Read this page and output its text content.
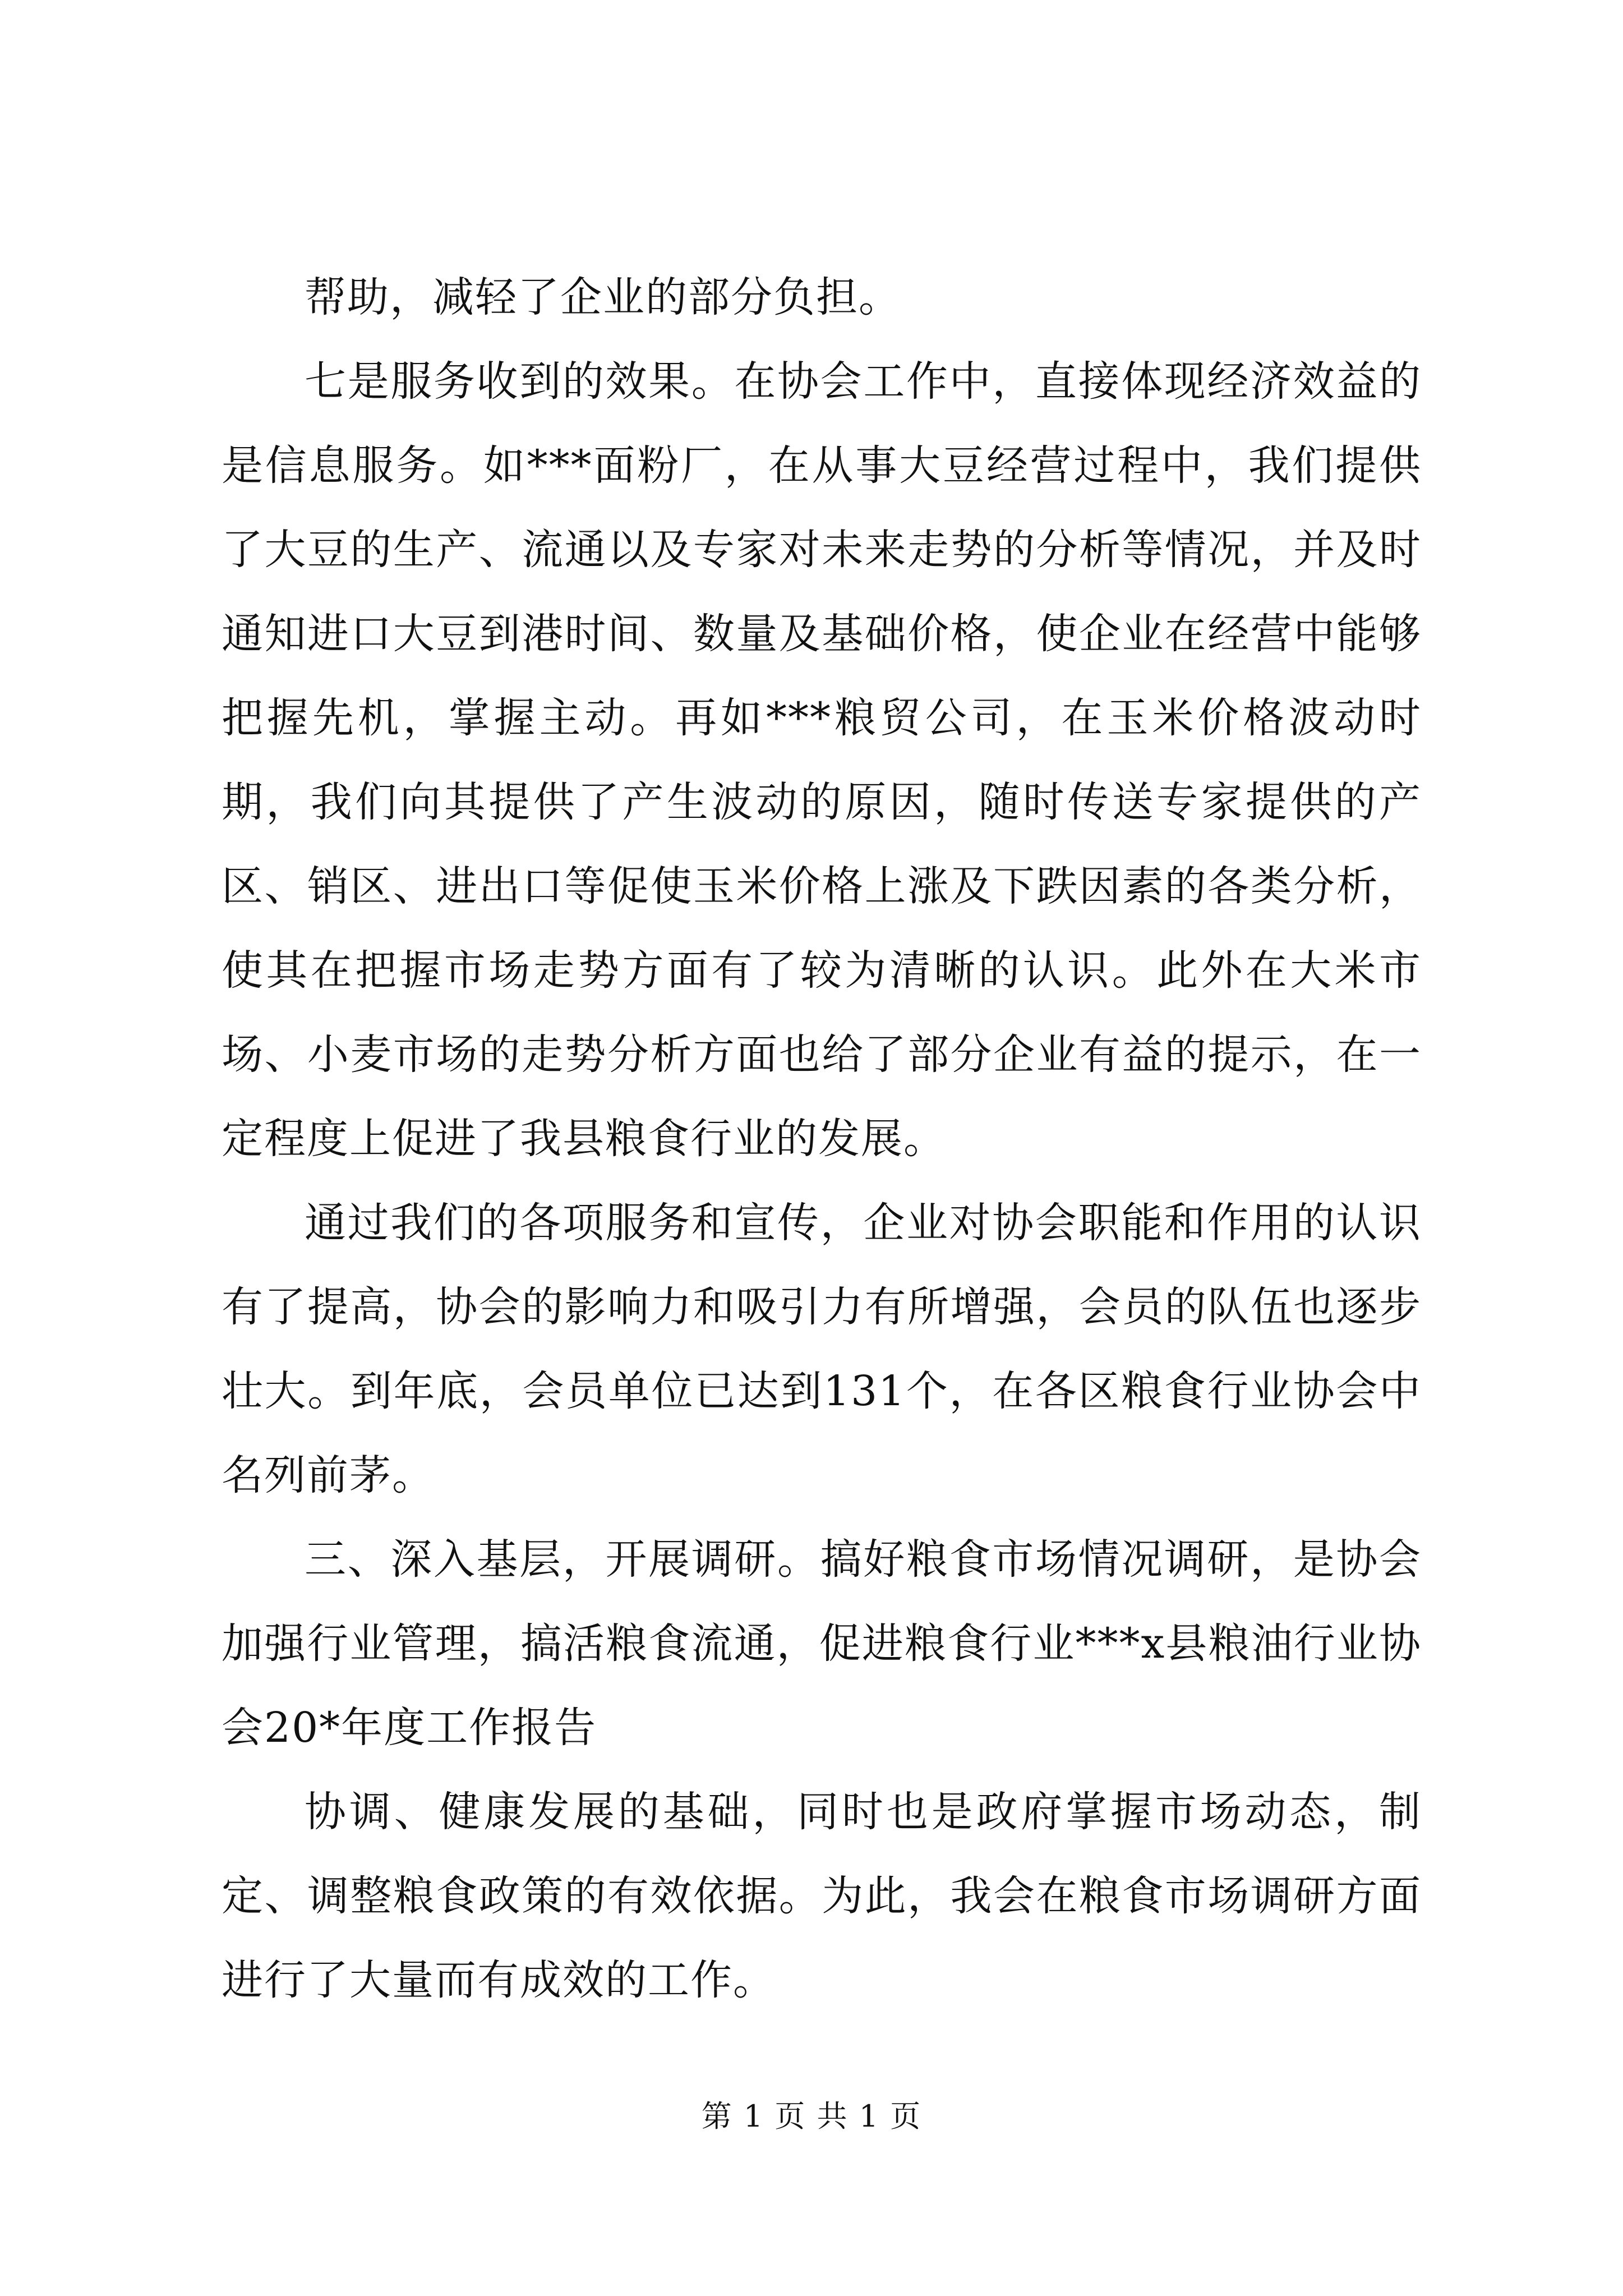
帮助，减轻了企业的部分负担。

七是服务收到的效果。在协会工作中，直接体现经济效益的是信息服务。如***面粉厂，在从事大豆经营过程中，我们提供了大豆的生产、流通以及专家对未来走势的分析等情况，并及时通知进口大豆到港时间、数量及基础价格，使企业在经营中能够把握先机，掌握主动。再如***粮贸公司，在玉米价格波动时期，我们向其提供了产生波动的原因，随时传送专家提供的产区、销区、进出口等促使玉米价格上涨及下跌因素的各类分析，使其在把握市场走势方面有了较为清晰的认识。此外在大米市场、小麦市场的走势分析方面也给了部分企业有益的提示，在一定程度上促进了我县粮食行业的发展。

通过我们的各项服务和宣传，企业对协会职能和作用的认识有了提高，协会的影响力和吸引力有所增强，会员的队伍也逐步壮大。到年底，会员单位已达到131个，在各区粮食行业协会中名列前茅。

三、深入基层，开展调研。搞好粮食市场情况调研，是协会加强行业管理，搞活粮食流通，促进粮食行业***x县粮油行业协会20*年度工作报告

协调、健康发展的基础，同时也是政府掌握市场动态，制定、调整粮食政策的有效依据。为此，我会在粮食市场调研方面进行了大量而有成效的工作。

第 1 页 共 1 页
